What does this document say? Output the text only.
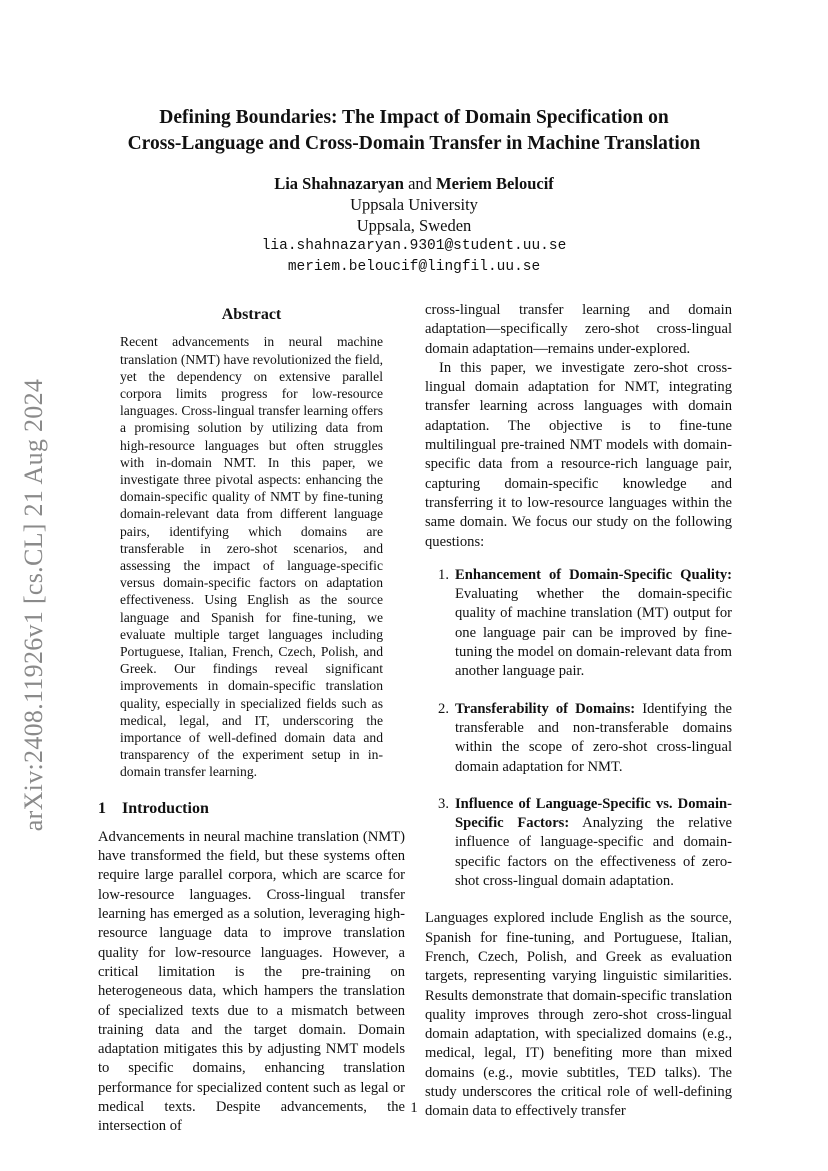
arXiv:2408.11926v1 [cs.CL] 21 Aug 2024
Defining Boundaries: The Impact of Domain Specification on
Cross-Language and Cross-Domain Transfer in Machine Translation
Lia Shahnazaryan and Meriem Beloucif
Uppsala University
Uppsala, Sweden
lia.shahnazaryan.9301@student.uu.se
meriem.beloucif@lingfil.uu.se
Abstract

Recent advancements in neural machine translation (NMT) have revolutionized the field, yet the dependency on extensive parallel corpora limits progress for low-resource languages. Cross-lingual transfer learning offers a promising solution by utilizing data from high-resource languages but often struggles with in-domain NMT. In this paper, we investigate three pivotal aspects: enhancing the domain-specific quality of NMT by fine-tuning domain-relevant data from different language pairs, identifying which domains are transferable in zero-shot scenarios, and assessing the impact of language-specific versus domain-specific factors on adaptation effectiveness. Using English as the source language and Spanish for fine-tuning, we evaluate multiple target languages including Portuguese, Italian, French, Czech, Polish, and Greek. Our findings reveal significant improvements in domain-specific translation quality, especially in specialized fields such as medical, legal, and IT, underscoring the importance of well-defined domain data and transparency of the experiment setup in in-domain transfer learning.

1 Introduction

Advancements in neural machine translation (NMT) have transformed the field, but these systems often require large parallel corpora, which are scarce for low-resource languages. Cross-lingual transfer learning has emerged as a solution, leveraging high-resource language data to improve translation quality for low-resource languages. However, a critical limitation is the pre-training on heterogeneous data, which hampers the translation of specialized texts due to a mismatch between training data and the target domain. Domain adaptation mitigates this by adjusting NMT models to specific domains, enhancing translation performance for specialized content such as legal or medical texts. Despite advancements, the intersection of

cross-lingual transfer learning and domain adaptation—specifically zero-shot cross-lingual domain adaptation—remains under-explored.

In this paper, we investigate zero-shot cross-lingual domain adaptation for NMT, integrating transfer learning across languages with domain adaptation. The objective is to fine-tune multilingual pre-trained NMT models with domain-specific data from a resource-rich language pair, capturing domain-specific knowledge and transferring it to low-resource languages within the same domain. We focus our study on the following questions:

1. Enhancement of Domain-Specific Quality: Evaluating whether the domain-specific quality of machine translation (MT) output for one language pair can be improved by fine-tuning the model on domain-relevant data from another language pair.
2. Transferability of Domains: Identifying the transferable and non-transferable domains within the scope of zero-shot cross-lingual domain adaptation for NMT.
3. Influence of Language-Specific vs. Domain-Specific Factors: Analyzing the relative influence of language-specific and domain-specific factors on the effectiveness of zero-shot cross-lingual domain adaptation.

Languages explored include English as the source, Spanish for fine-tuning, and Portuguese, Italian, French, Czech, Polish, and Greek as evaluation targets, representing varying linguistic similarities. Results demonstrate that domain-specific translation quality improves through zero-shot cross-lingual domain adaptation, with specialized domains (e.g., medical, legal, IT) benefiting more than mixed domains (e.g., movie subtitles, TED talks). The study underscores the critical role of well-defining domain data to effectively transfer

1
